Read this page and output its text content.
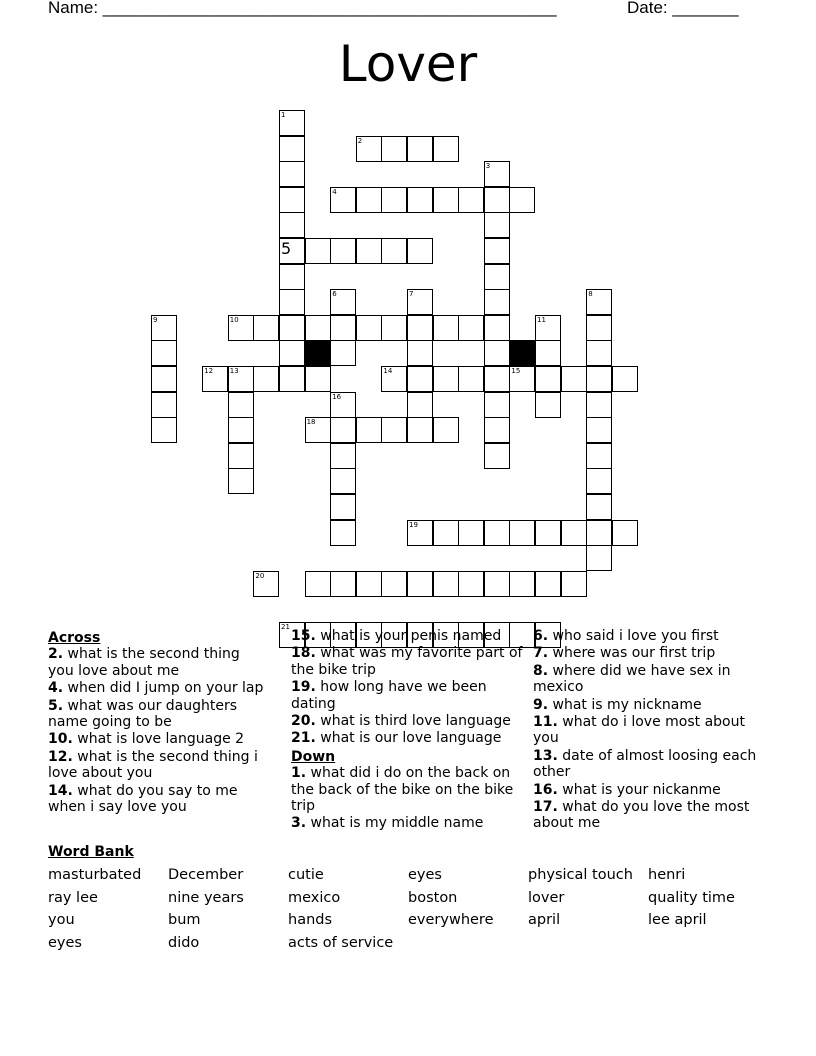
Name: ________________________________________________	Date: _______
Lover
1
2
3
4
6	7	8
9	10	11
12 13	14	15
16
18
19
20
21
5
Across
2. what is the second thing you love about me
4. when did I jump on your lap
5. what was our daughters name going to be
10. what is love language 2
12. what is the second thing i love about you
14. what do you say to me when i say love you
15. what is your penis named
18. what was my favorite part of the bike trip
19. how long have we been dating
20. what is third love language
21. what is our love language
Down
1. what did i do on the back on the back of the bike on the bike trip
3. what is my middle name
6. who said i love you first
7. where was our first trip
8. where did we have sex in mexico
9. what is my nickname
11. what do i love most about you
13. date of almost loosing each other
16. what is your nickanme
17. what do you love the most about me
Word Bank
masturbated
ray lee
you
eyes
December
nine years
bum
dido
cutie
mexico
hands
acts of service
eyes
boston
everywhere
physical touch
lover
april
henri
quality time
lee april
